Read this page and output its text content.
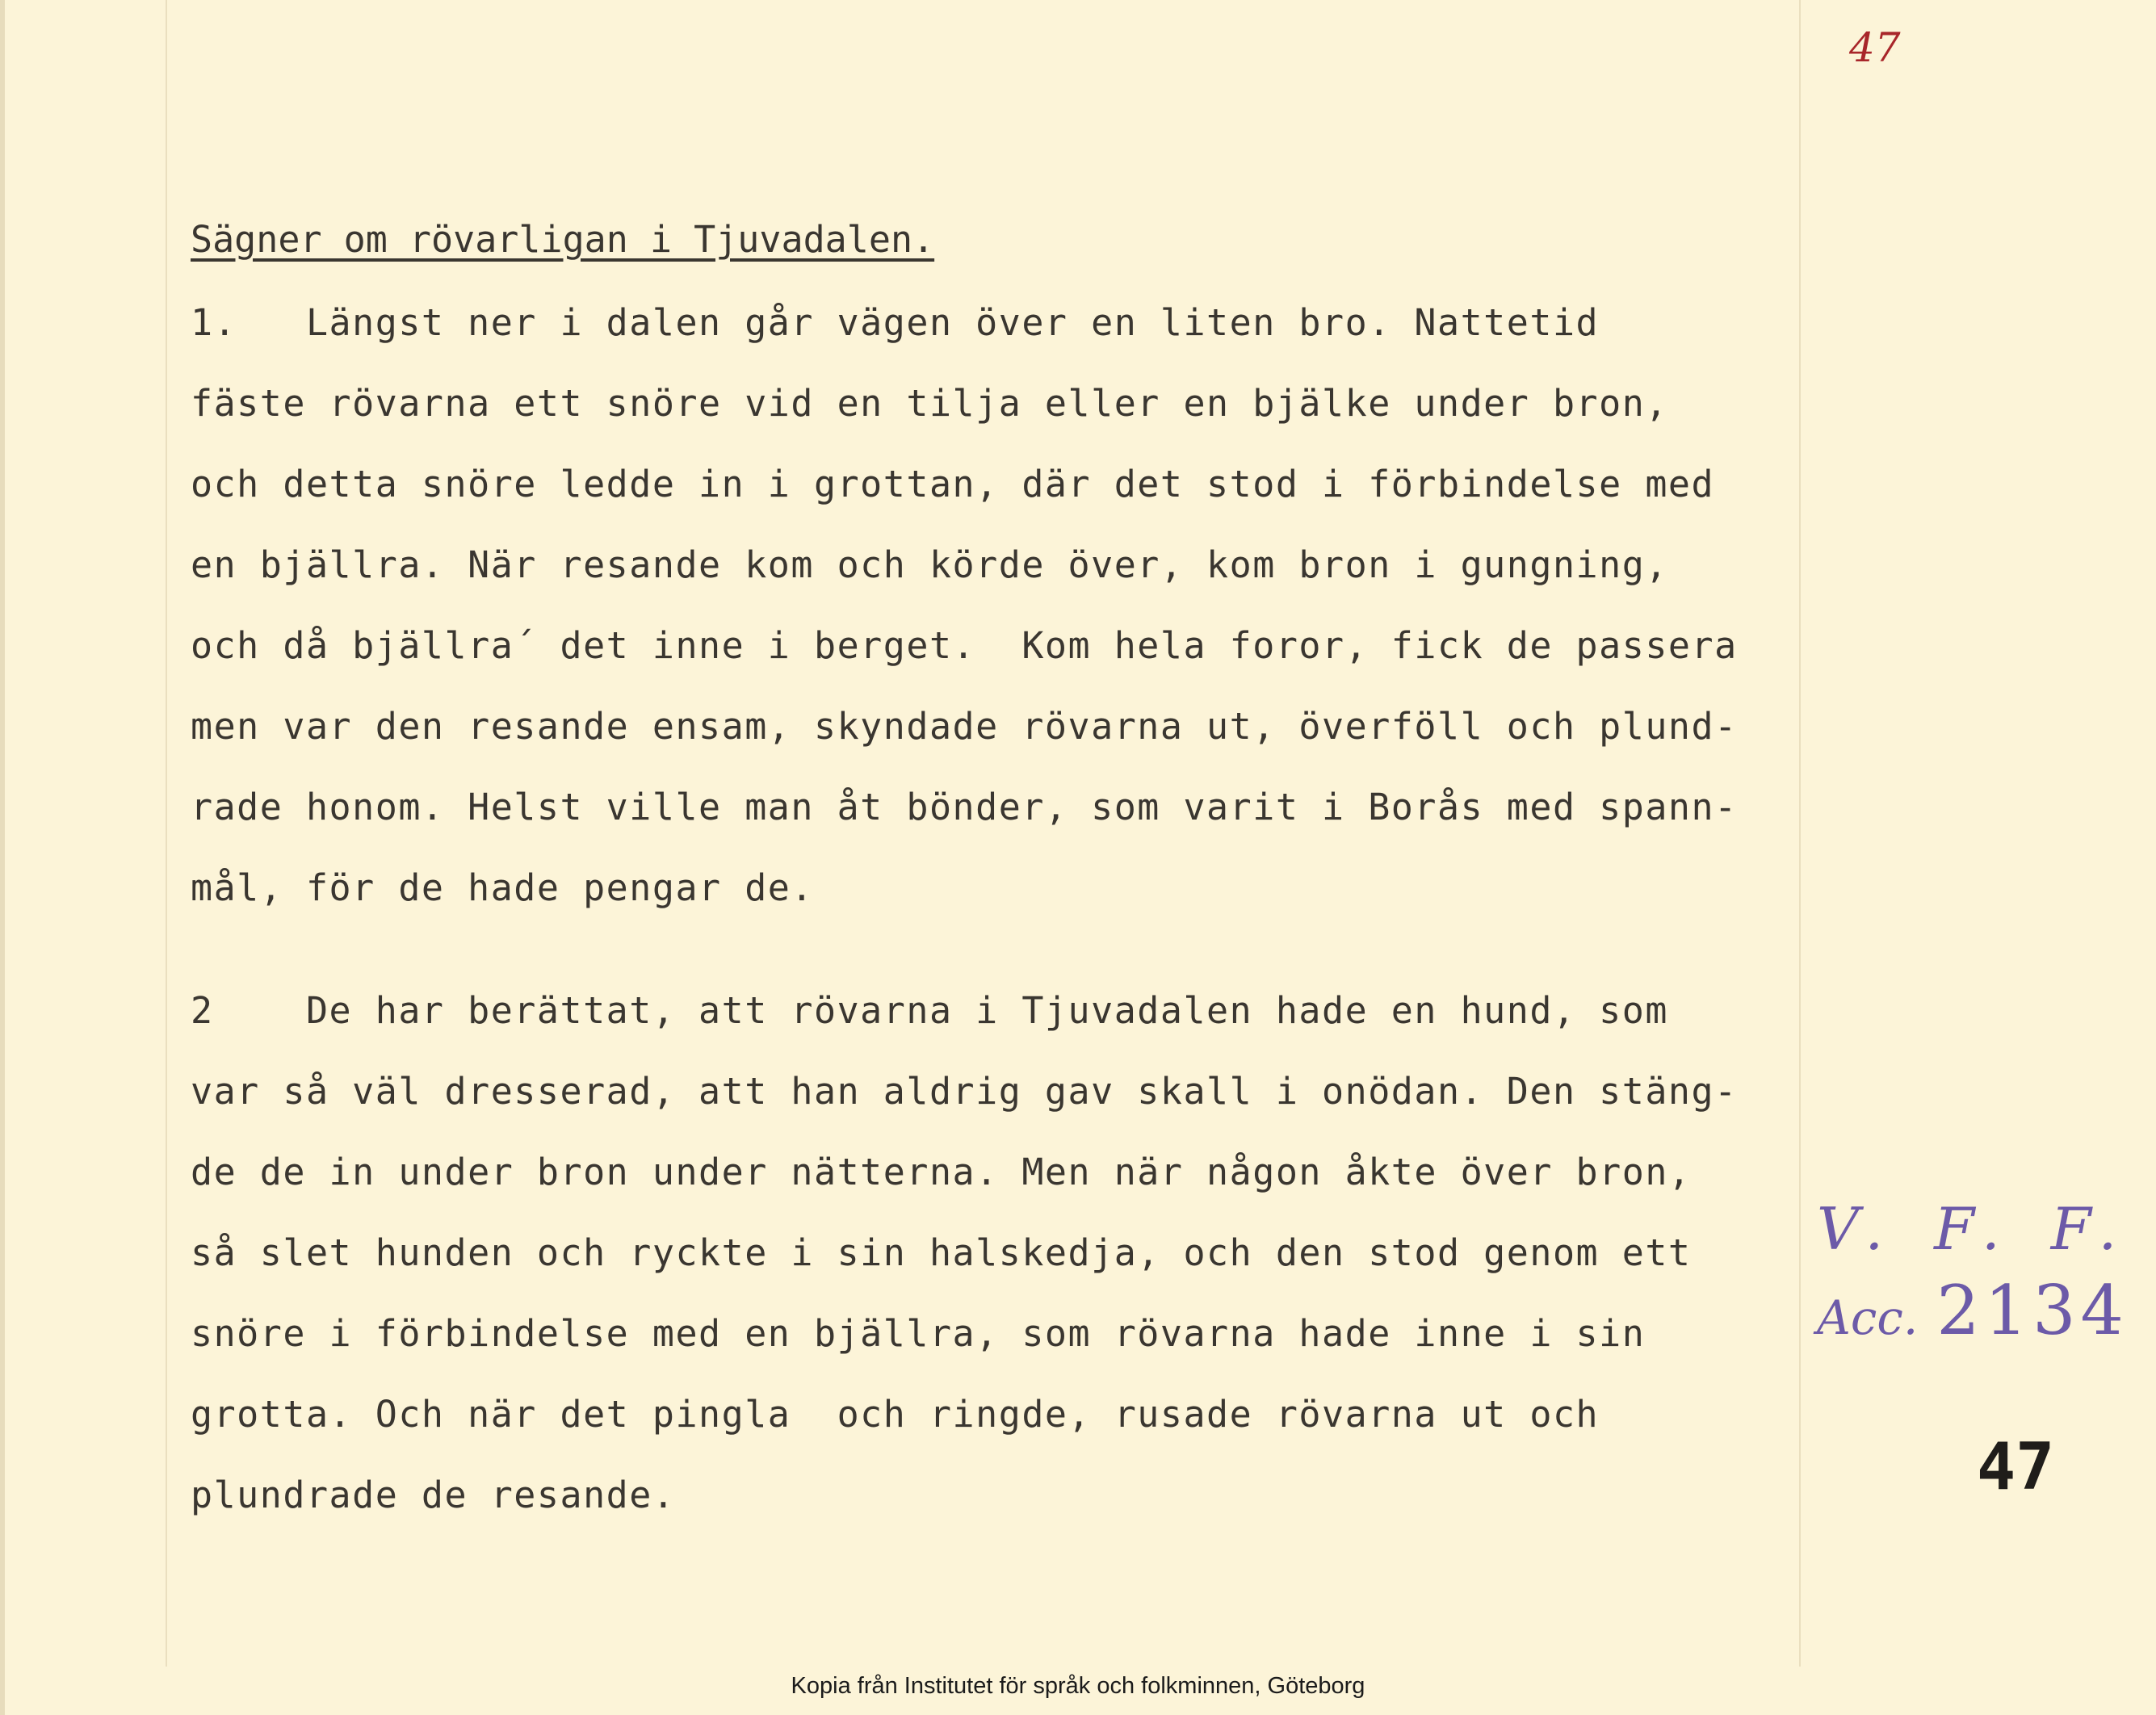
47
Sägner om rövarligan i Tjuvadalen.
1.   Längst ner i dalen går vägen över en liten bro. Nattetid
fäste rövarna ett snöre vid en tilja eller en bjälke under bron,
och detta snöre ledde in i grottan, där det stod i förbindelse med
en bjällra. När resande kom och körde över, kom bron i gungning,
och då bjällra´ det inne i berget.  Kom hela foror, fick de passera
men var den resande ensam, skyndade rövarna ut, överföll och plund-
rade honom. Helst ville man åt bönder, som varit i Borås med spann-
mål, för de hade pengar de.
2    De har berättat, att rövarna i Tjuvadalen hade en hund, som
var så väl dresserad, att han aldrig gav skall i onödan. Den stäng-
de de in under bron under nätterna. Men när någon åkte över bron,
så slet hunden och ryckte i sin halskedja, och den stod genom ett
snöre i förbindelse med en bjällra, som rövarna hade inne i sin
grotta. Och när det pingla  och ringde, rusade rövarna ut och
plundrade de resande.
V. F. F.
Acc. 2134
47
Kopia från Institutet för språk och folkminnen, Göteborg
